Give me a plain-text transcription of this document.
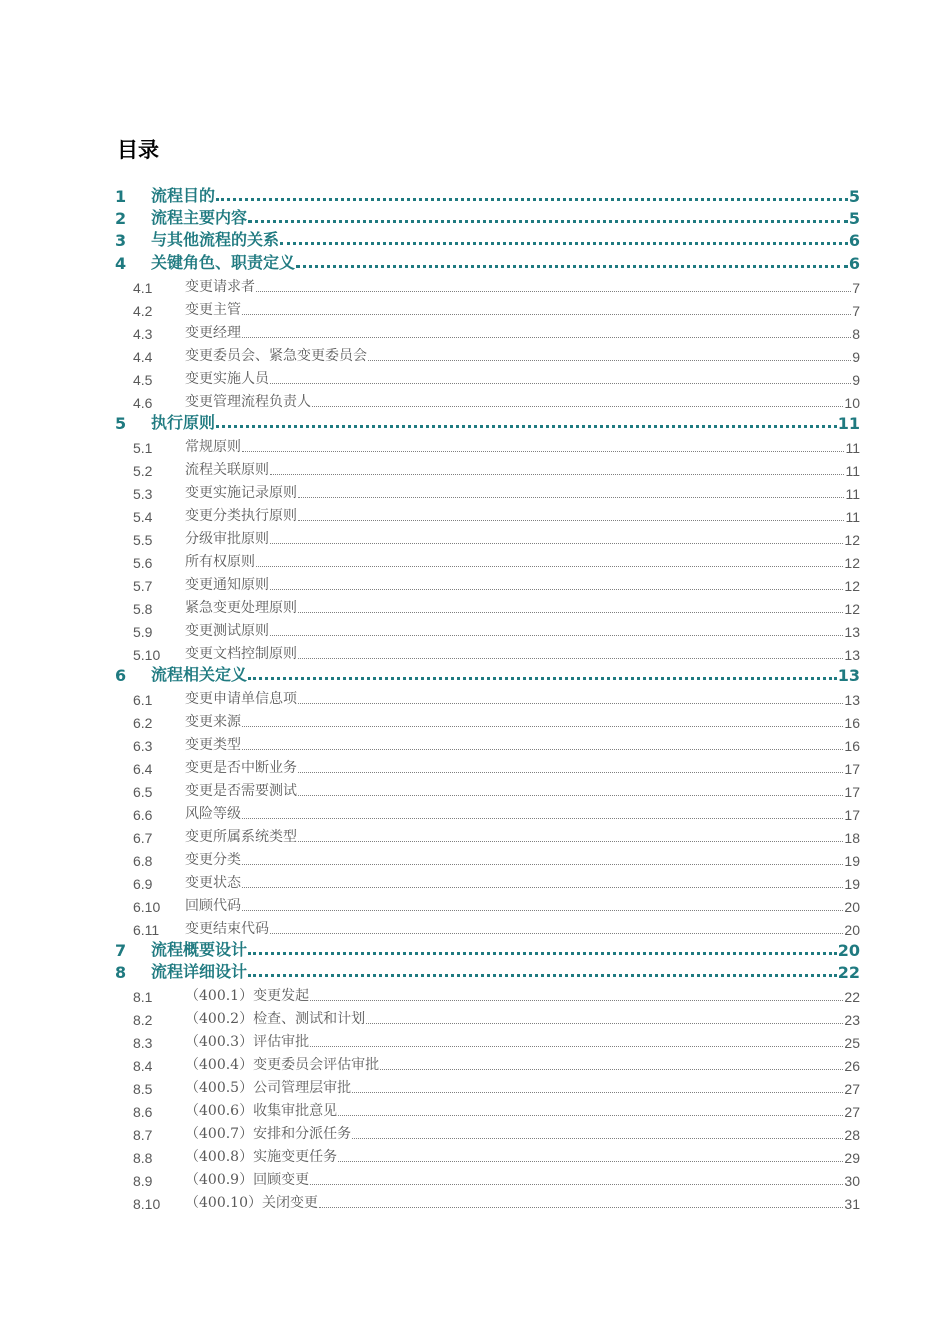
目录
1	流程目的	5
2	流程主要内容	5
3	与其他流程的关系	6
4	关键角色、职责定义	6
4.1	变更请求者	7
4.2	变更主管	7
4.3	变更经理	8
4.4	变更委员会、紧急变更委员会	9
4.5	变更实施人员	9
4.6	变更管理流程负责人	10
5	执行原则	11
5.1	常规原则	11
5.2	流程关联原则	11
5.3	变更实施记录原则	11
5.4	变更分类执行原则	11
5.5	分级审批原则	12
5.6	所有权原则	12
5.7	变更通知原则	12
5.8	紧急变更处理原则	12
5.9	变更测试原则	13
5.10	变更文档控制原则	13
6	流程相关定义	13
6.1	变更申请单信息项	13
6.2	变更来源	16
6.3	变更类型	16
6.4	变更是否中断业务	17
6.5	变更是否需要测试	17
6.6	风险等级	17
6.7	变更所属系统类型	18
6.8	变更分类	19
6.9	变更状态	19
6.10	回顾代码	20
6.11	变更结束代码	20
7	流程概要设计	20
8	流程详细设计	22
8.1	（400.1）变更发起	22
8.2	（400.2）检查、测试和计划	23
8.3	（400.3）评估审批	25
8.4	（400.4）变更委员会评估审批	26
8.5	（400.5）公司管理层审批	27
8.6	（400.6）收集审批意见	27
8.7	（400.7）安排和分派任务	28
8.8	（400.8）实施变更任务	29
8.9	（400.9）回顾变更	30
8.10	（400.10）关闭变更	31
